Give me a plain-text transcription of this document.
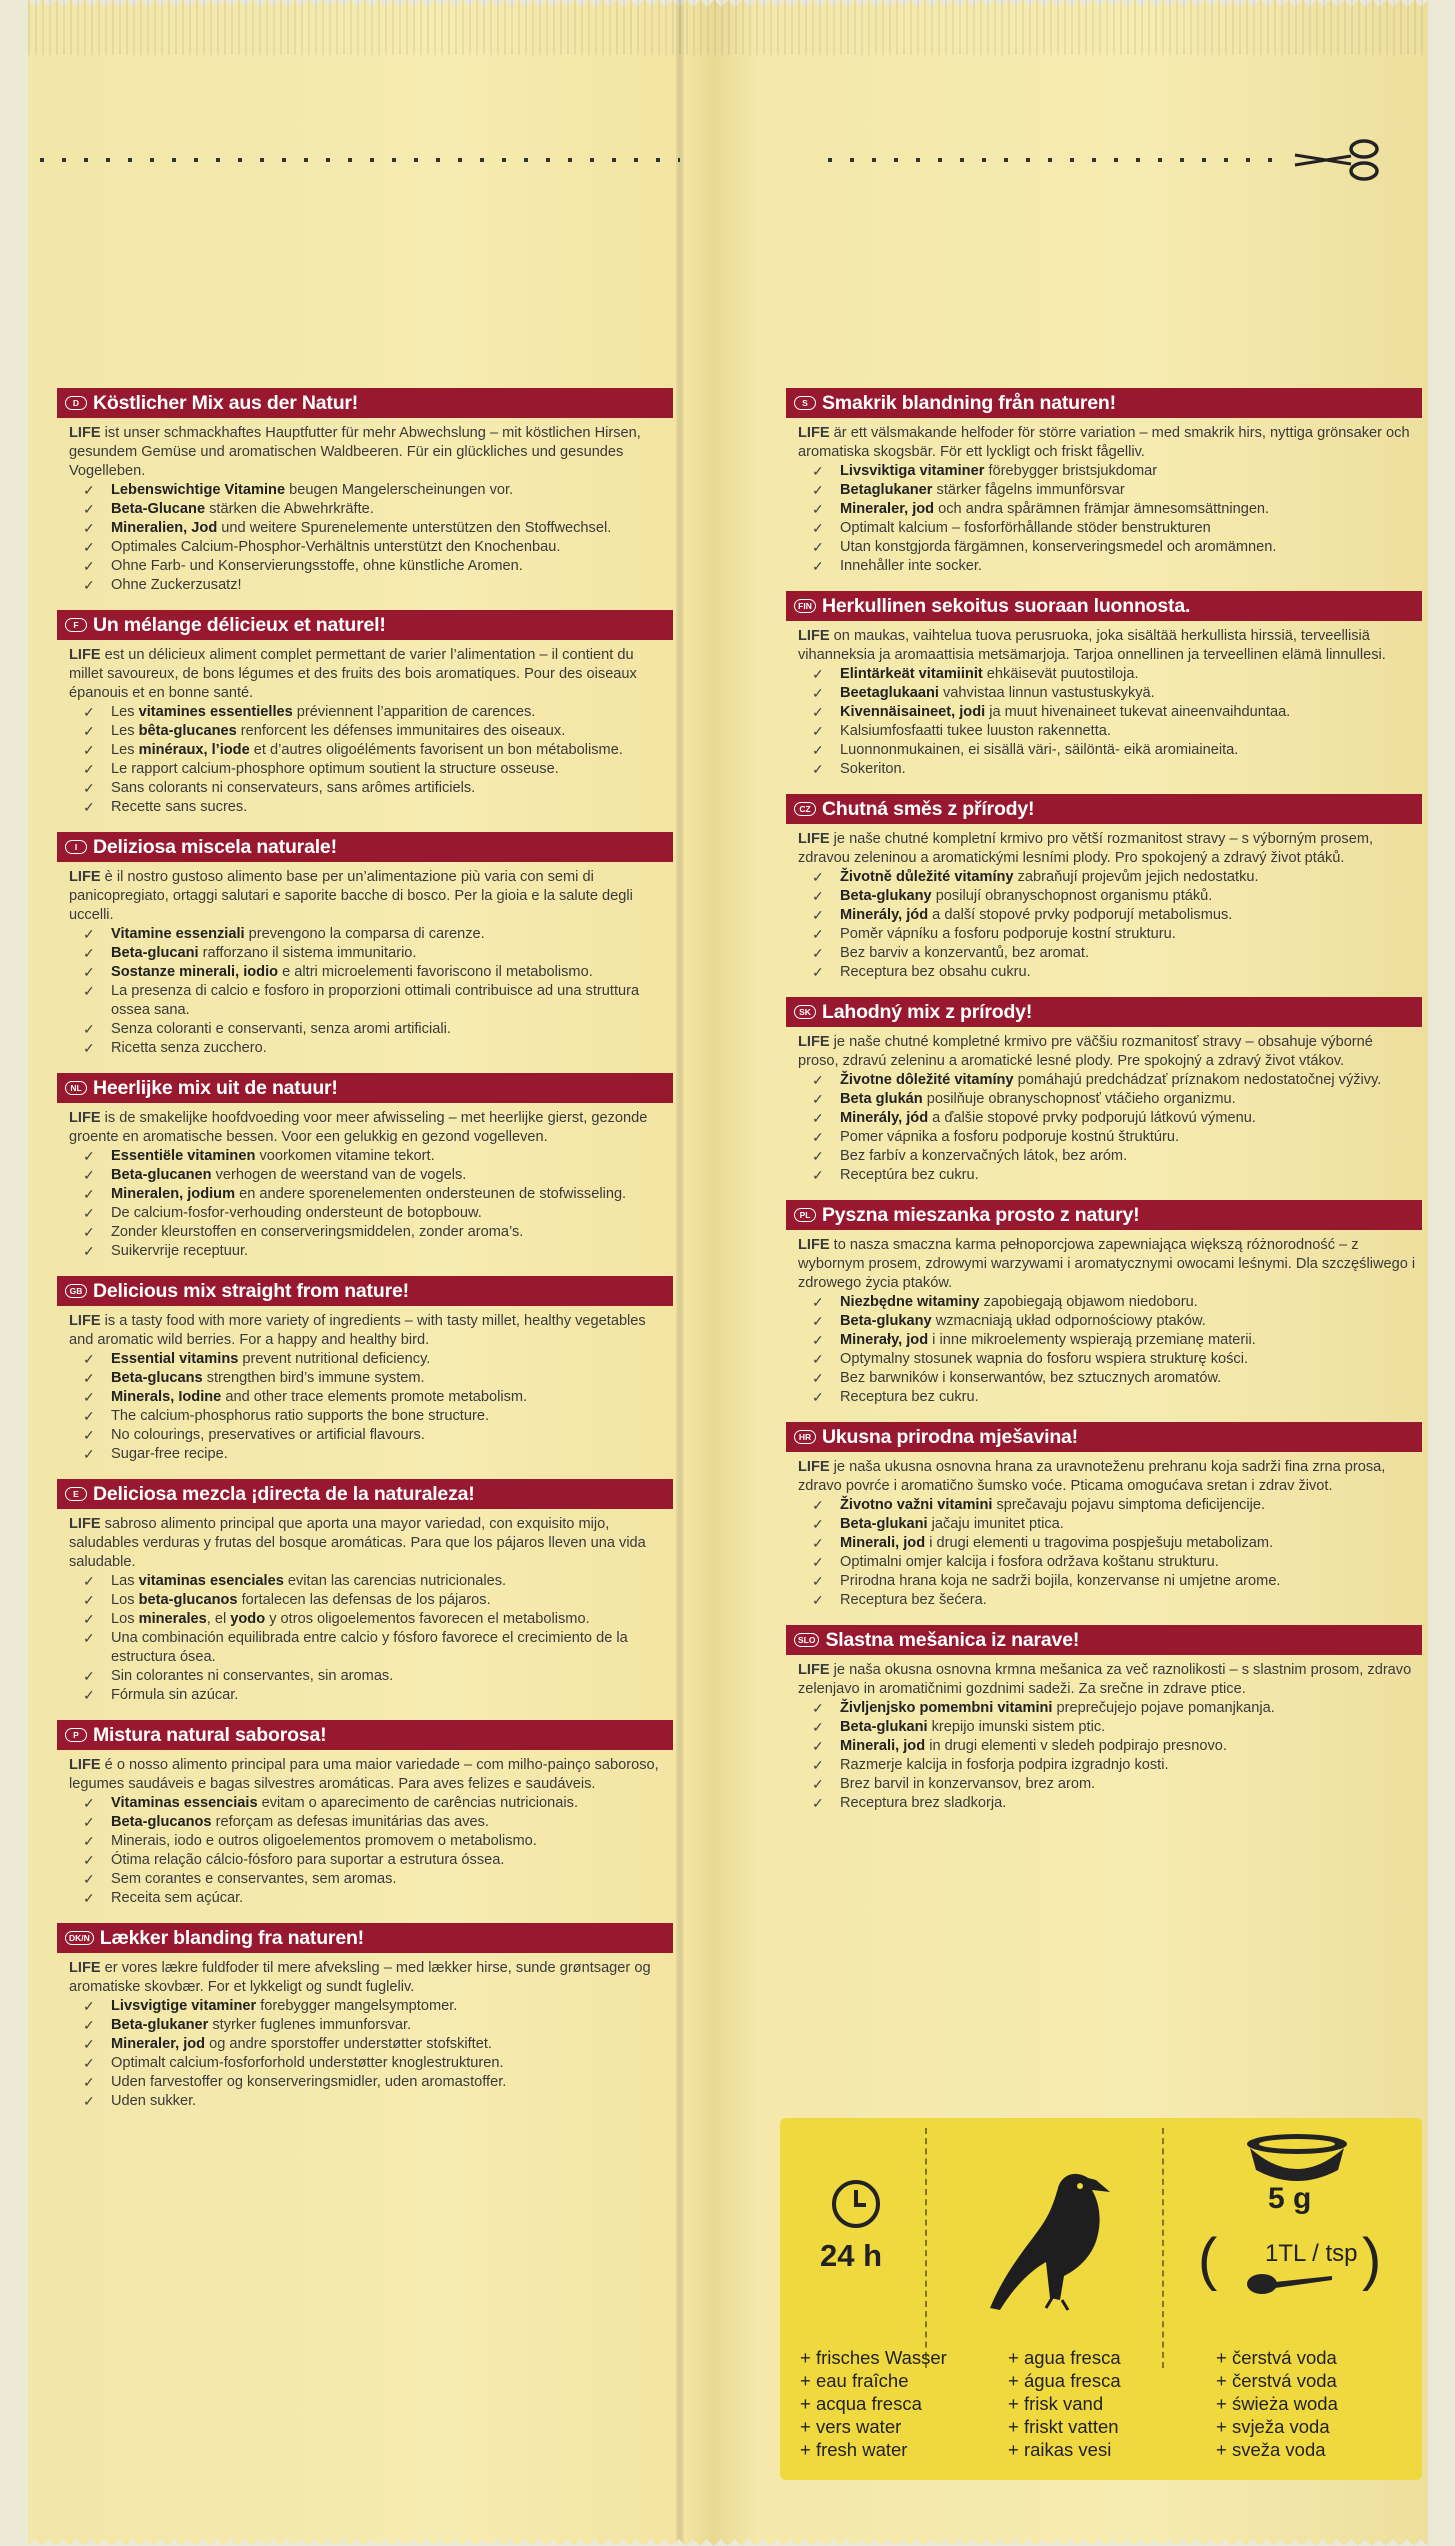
D Köstlicher Mix aus der Natur!

LIFE ist unser schmackhaftes Hauptfutter für mehr Abwechslung – mit köstlichen Hirsen, gesundem Gemüse und aromatischen Waldbeeren. Für ein glückliches und gesundes Vogelleben.

✓ Lebenswichtige Vitamine beugen Mangelerscheinungen vor.
✓ Beta-Glucane stärken die Abwehrkräfte.
✓ Mineralien, Jod und weitere Spurenelemente unterstützen den Stoffwechsel.
✓ Optimales Calcium-Phosphor-Verhältnis unterstützt den Knochenbau.
✓ Ohne Farb- und Konservierungsstoffe, ohne künstliche Aromen.
✓ Ohne Zuckerzusatz!
F Un mélange délicieux et naturel!

LIFE est un délicieux aliment complet permettant de varier l’alimentation – il contient du millet savoureux, de bons légumes et des fruits des bois aromatiques. Pour des oiseaux épanouis et en bonne santé.

✓ Les vitamines essentielles préviennent l’apparition de carences.
✓ Les bêta-glucanes renforcent les défenses immunitaires des oiseaux.
✓ Les minéraux, l’iode et d’autres oligoéléments favorisent un bon métabolisme.
✓ Le rapport calcium-phosphore optimum soutient la structure osseuse.
✓ Sans colorants ni conservateurs, sans arômes artificiels.
✓ Recette sans sucres.
I Deliziosa miscela naturale!

LIFE è il nostro gustoso alimento base per un’alimentazione più varia con semi di panicopregiato, ortaggi salutari e saporite bacche di bosco. Per la gioia e la salute degli uccelli.

✓ Vitamine essenziali prevengono la comparsa di carenze.
✓ Beta-glucani rafforzano il sistema immunitario.
✓ Sostanze minerali, iodio e altri microelementi favoriscono il metabolismo.
✓ La presenza di calcio e fosforo in proporzioni ottimali contribuisce ad una struttura ossea sana.
✓ Senza coloranti e conservanti, senza aromi artificiali.
✓ Ricetta senza zucchero.
NL Heerlijke mix uit de natuur!

LIFE is de smakelijke hoofdvoeding voor meer afwisseling – met heerlijke gierst, gezonde groente en aromatische bessen. Voor een gelukkig en gezond vogelleven.

✓ Essentiële vitaminen voorkomen vitamine tekort.
✓ Beta-glucanen verhogen de weerstand van de vogels.
✓ Mineralen, jodium en andere sporenelementen ondersteunen de stofwisseling.
✓ De calcium-fosfor-verhouding ondersteunt de botopbouw.
✓ Zonder kleurstoffen en conserveringsmiddelen, zonder aroma’s.
✓ Suikervrije receptuur.
GB Delicious mix straight from nature!

LIFE is a tasty food with more variety of ingredients – with tasty millet, healthy vegetables and aromatic wild berries. For a happy and healthy bird.

✓ Essential vitamins prevent nutritional deficiency.
✓ Beta-glucans strengthen bird’s immune system.
✓ Minerals, Iodine and other trace elements promote metabolism.
✓ The calcium-phosphorus ratio supports the bone structure.
✓ No colourings, preservatives or artificial flavours.
✓ Sugar-free recipe.
E Deliciosa mezcla ¡directa de la naturaleza!

LIFE sabroso alimento principal que aporta una mayor variedad, con exquisito mijo, saludables verduras y frutas del bosque aromáticas. Para que los pájaros lleven una vida saludable.

✓ Las vitaminas esenciales evitan las carencias nutricionales.
✓ Los beta-glucanos fortalecen las defensas de los pájaros.
✓ Los minerales, el yodo y otros oligoelementos favorecen el metabolismo.
✓ Una combinación equilibrada entre calcio y fósforo favorece el crecimiento de la estructura ósea.
✓ Sin colorantes ni conservantes, sin aromas.
✓ Fórmula sin azúcar.
P Mistura natural saborosa!

LIFE é o nosso alimento principal para uma maior variedade – com milho-painço saboroso, legumes saudáveis e bagas silvestres aromáticas. Para aves felizes e saudáveis.

✓ Vitaminas essenciais evitam o aparecimento de carências nutricionais.
✓ Beta-glucanos reforçam as defesas imunitárias das aves.
✓ Minerais, iodo e outros oligoelementos promovem o metabolismo.
✓ Ótima relação cálcio-fósforo para suportar a estrutura óssea.
✓ Sem corantes e conservantes, sem aromas.
✓ Receita sem açúcar.
DK/N Lækker blanding fra naturen!

LIFE er vores lækre fuldfoder til mere afveksling – med lækker hirse, sunde grøntsager og aromatiske skovbær. For et lykkeligt og sundt fugleliv.

✓ Livsvigtige vitaminer forebygger mangelsymptomer.
✓ Beta-glukaner styrker fuglenes immunforsvar.
✓ Mineraler, jod og andre sporstoffer understøtter stofskiftet.
✓ Optimalt calcium-fosforforhold understøtter knoglestrukturen.
✓ Uden farvestoffer og konserveringsmidler, uden aromastoffer.
✓ Uden sukker.
S Smakrik blandning från naturen!

LIFE är ett välsmakande helfoder för större variation – med smakrik hirs, nyttiga grönsaker och aromatiska skogsbär. För ett lyckligt och friskt fågelliv.

✓ Livsviktiga vitaminer förebygger bristsjukdomar
✓ Betaglukaner stärker fågelns immunförsvar
✓ Mineraler, jod och andra spårämnen främjar ämnesomsättningen.
✓ Optimalt kalcium – fosforförhållande stöder benstrukturen
✓ Utan konstgjorda färgämnen, konserveringsmedel och aromämnen.
✓ Innehåller inte socker.
FIN Herkullinen sekoitus suoraan luonnosta.

LIFE on maukas, vaihtelua tuova perusruoka, joka sisältää herkullista hirssiä, terveellisiä vihanneksia ja aromaattisia metsämarjoja. Tarjoa onnellinen ja terveellinen elämä linnullesi.

✓ Elintärkeät vitamiinit ehkäisevät puutostiloja.
✓ Beetaglukaani vahvistaa linnun vastustuskykyä.
✓ Kivennäisaineet, jodi ja muut hivenaineet tukevat aineenvaihduntaa.
✓ Kalsiumfosfaatti tukee luuston rakennetta.
✓ Luonnonmukainen, ei sisällä väri-, säilöntä- eikä aromiaineita.
✓ Sokeriton.
CZ Chutná směs z přírody!

LIFE je naše chutné kompletní krmivo pro větší rozmanitost stravy – s výborným prosem, zdravou zeleninou a aromatickými lesními plody. Pro spokojený a zdravý život ptáků.

✓ Životně důležité vitamíny zabraňují projevům jejich nedostatku.
✓ Beta-glukany posilují obranyschopnost organismu ptáků.
✓ Minerály, jód a další stopové prvky podporují metabolismus.
✓ Poměr vápníku a fosforu podporuje kostní strukturu.
✓ Bez barviv a konzervantů, bez aromat.
✓ Receptura bez obsahu cukru.
SK Lahodný mix z prírody!

LIFE je naše chutné kompletné krmivo pre väčšiu rozmanitosť stravy – obsahuje výborné proso, zdravú zeleninu a aromatické lesné plody. Pre spokojný a zdravý život vtákov.

✓ Životne dôležité vitamíny pomáhajú predchádzať príznakom nedostatočnej výživy.
✓ Beta glukán posilňuje obranyschopnosť vtáčieho organizmu.
✓ Minerály, jód a ďalšie stopové prvky podporujú látkovú výmenu.
✓ Pomer vápnika a fosforu podporuje kostnú štruktúru.
✓ Bez farbív a konzervačných látok, bez aróm.
✓ Receptúra bez cukru.
PL Pyszna mieszanka prosto z natury!

LIFE to nasza smaczna karma pełnoporcjowa zapewniająca większą różnorodność – z wybornym prosem, zdrowymi warzywami i aromatycznymi owocami leśnymi. Dla szczęśliwego i zdrowego życia ptaków.

✓ Niezbędne witaminy zapobiegają objawom niedoboru.
✓ Beta-glukany wzmacniają układ odpornościowy ptaków.
✓ Minerały, jod i inne mikroelementy wspierają przemianę materii.
✓ Optymalny stosunek wapnia do fosforu wspiera strukturę kości.
✓ Bez barwników i konserwantów, bez sztucznych aromatów.
✓ Receptura bez cukru.
HR Ukusna prirodna mješavina!

LIFE je naša ukusna osnovna hrana za uravnoteženu prehranu koja sadrži fina zrna prosa, zdravo povrće i aromatično šumsko voće. Pticama omogućava sretan i zdrav život.

✓ Životno važni vitamini sprečavaju pojavu simptoma deficijencije.
✓ Beta-glukani jačaju imunitet ptica.
✓ Minerali, jod i drugi elementi u tragovima pospješuju metabolizam.
✓ Optimalni omjer kalcija i fosfora održava koštanu strukturu.
✓ Prirodna hrana koja ne sadrži bojila, konzervanse ni umjetne arome.
✓ Receptura bez šećera.
SLO Slastna mešanica iz narave!

LIFE je naša okusna osnovna krmna mešanica za več raznolikosti – s slastnim prosom, zdravo zelenjavo in aromatičnimi gozdnimi sadeži. Za srečne in zdrave ptice.

✓ Življenjsko pomembni vitamini preprečujejo pojave pomanjkanja.
✓ Beta-glukani krepijo imunski sistem ptic.
✓ Minerali, jod in drugi elementi v sledeh podpirajo presnovo.
✓ Razmerje kalcija in fosforja podpira izgradnjo kosti.
✓ Brez barvil in konzervansov, brez arom.
✓ Receptura brez sladkorja.
24 h
5 g
( 1TL / tsp )
+ frisches Wasser
+ eau fraîche
+ acqua fresca
+ vers water
+ fresh water
+ agua fresca
+ água fresca
+ frisk vand
+ friskt vatten
+ raikas vesi
+ čerstvá voda
+ čerstvá voda
+ świeża woda
+ svježa voda
+ sveža voda
